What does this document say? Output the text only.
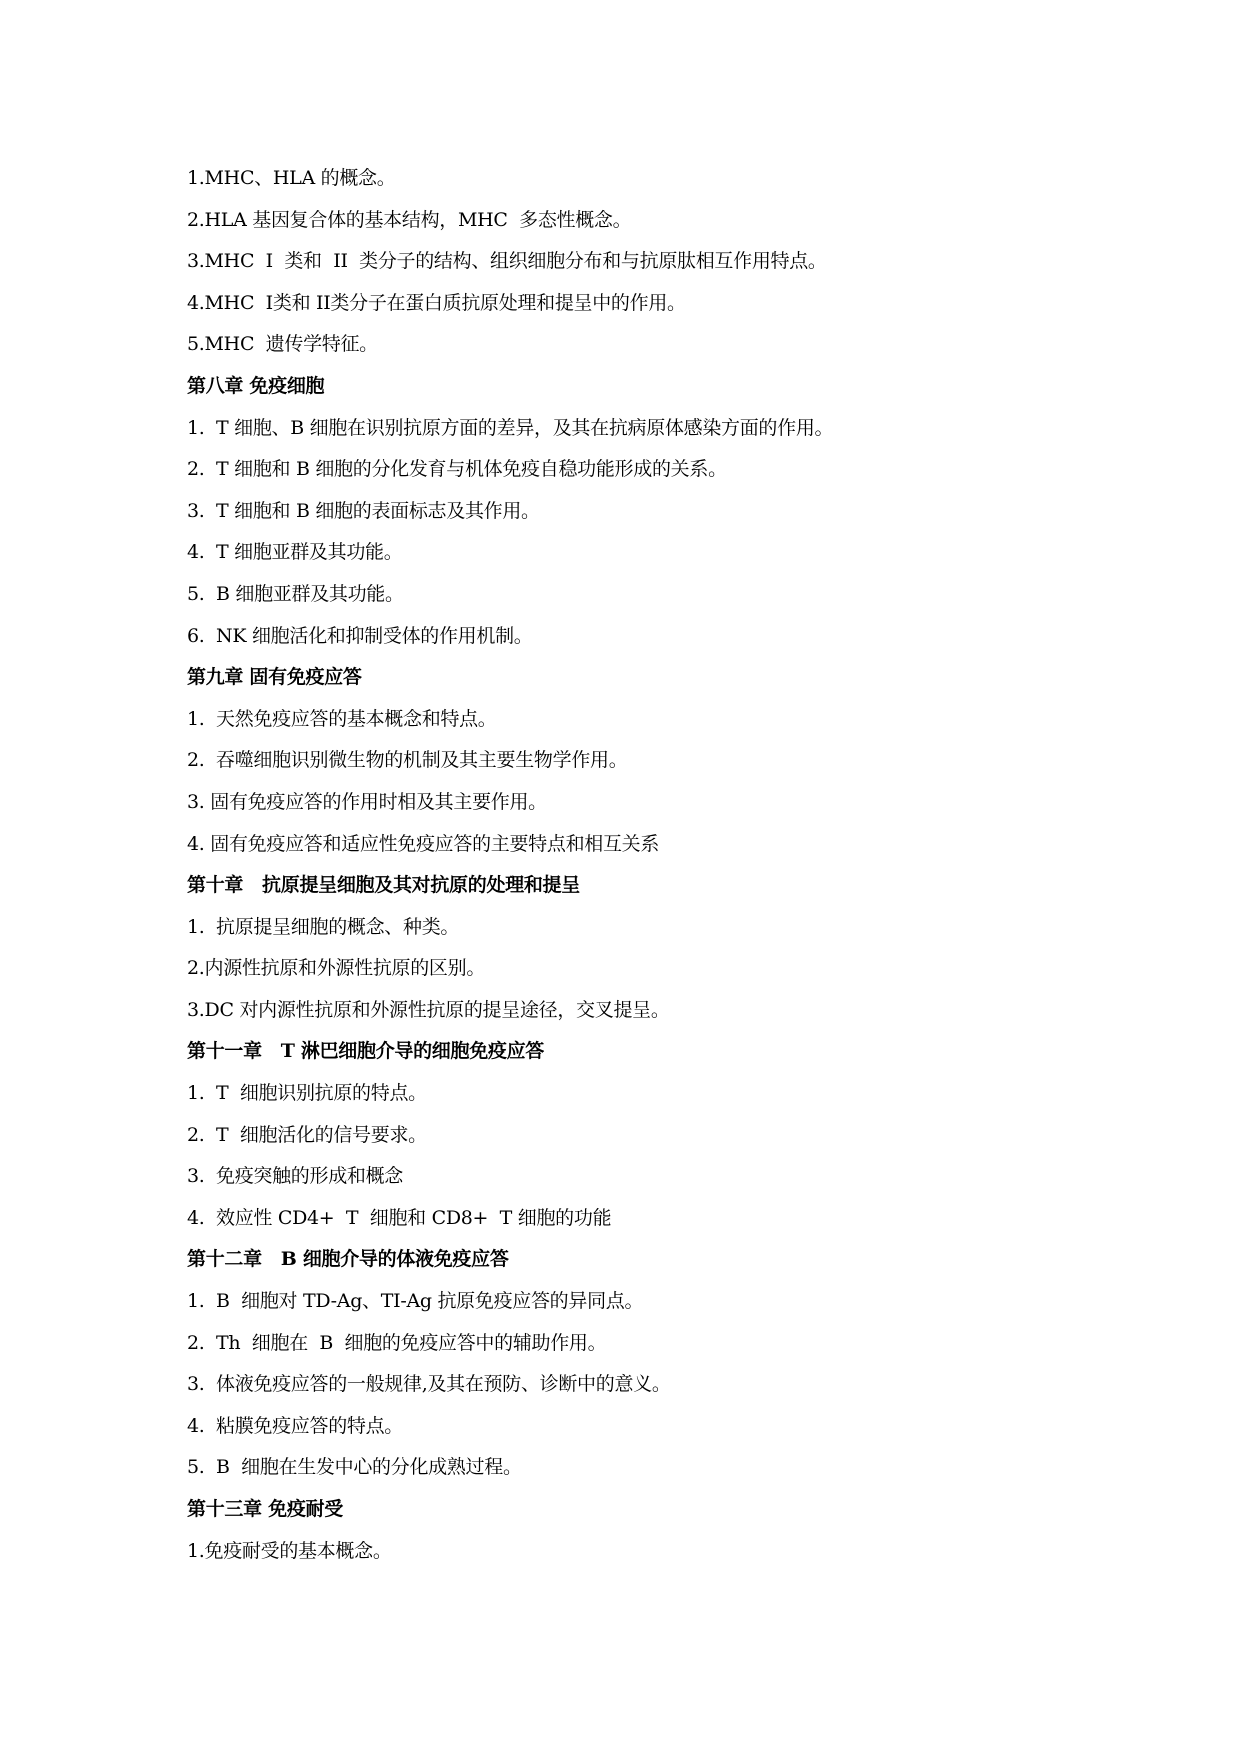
1.MHC、HLA 的概念。
2.HLA 基因复合体的基本结构，MHC  多态性概念。
3.MHC  I  类和  II  类分子的结构、组织细胞分布和与抗原肽相互作用特点。
4.MHC  I类和 II类分子在蛋白质抗原处理和提呈中的作用。
5.MHC  遗传学特征。
第八章 免疫细胞
1.  T 细胞、B 细胞在识别抗原方面的差异，及其在抗病原体感染方面的作用。
2.  T 细胞和 B 细胞的分化发育与机体免疫自稳功能形成的关系。
3.  T 细胞和 B 细胞的表面标志及其作用。
4.  T 细胞亚群及其功能。
5.  B 细胞亚群及其功能。
6.  NK 细胞活化和抑制受体的作用机制。
第九章 固有免疫应答
1.  天然免疫应答的基本概念和特点。
2.  吞噬细胞识别微生物的机制及其主要生物学作用。
3. 固有免疫应答的作用时相及其主要作用。
4. 固有免疫应答和适应性免疫应答的主要特点和相互关系
第十章   抗原提呈细胞及其对抗原的处理和提呈
1.  抗原提呈细胞的概念、种类。
2.内源性抗原和外源性抗原的区别。
3.DC 对内源性抗原和外源性抗原的提呈途径，交叉提呈。
第十一章   T 淋巴细胞介导的细胞免疫应答
1.  T  细胞识别抗原的特点。
2.  T  细胞活化的信号要求。
3.  免疫突触的形成和概念
4.  效应性 CD4+  T  细胞和 CD8+  T 细胞的功能
第十二章   B 细胞介导的体液免疫应答
1.  B  细胞对 TD-Ag、TI-Ag 抗原免疫应答的异同点。
2.  Th  细胞在  B  细胞的免疫应答中的辅助作用。
3.  体液免疫应答的一般规律,及其在预防、诊断中的意义。
4.  粘膜免疫应答的特点。
5.  B  细胞在生发中心的分化成熟过程。
第十三章 免疫耐受
1.免疫耐受的基本概念。
